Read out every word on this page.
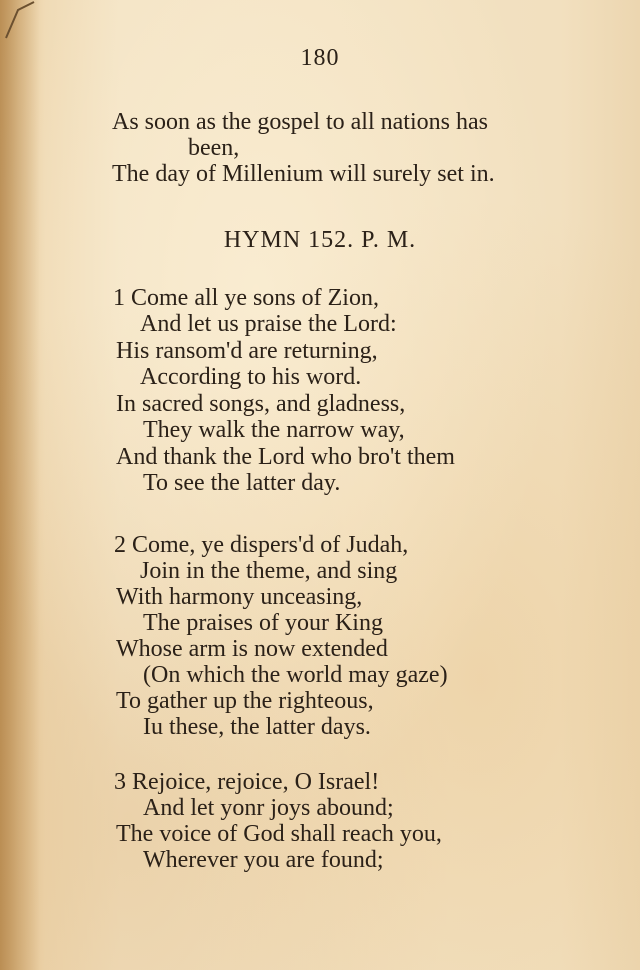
180
As soon as the gospel to all nations has
been,
The day of Millenium will surely set in.
HYMN 152. P. M.
1 Come all ye sons of Zion,
And let us praise the Lord:
His ransom'd are returning,
According to his word.
In sacred songs, and gladness,
They walk the narrow way,
And thank the Lord who bro't them
To see the latter day.
2 Come, ye dispers'd of Judah,
Join in the theme, and sing
With harmony unceasing,
The praises of your King
Whose arm is now extended
(On which the world may gaze)
To gather up the righteous,
Iu these, the latter days.
3 Rejoice, rejoice, O Israel!
And let yonr joys abound;
The voice of God shall reach you,
Wherever you are found;
